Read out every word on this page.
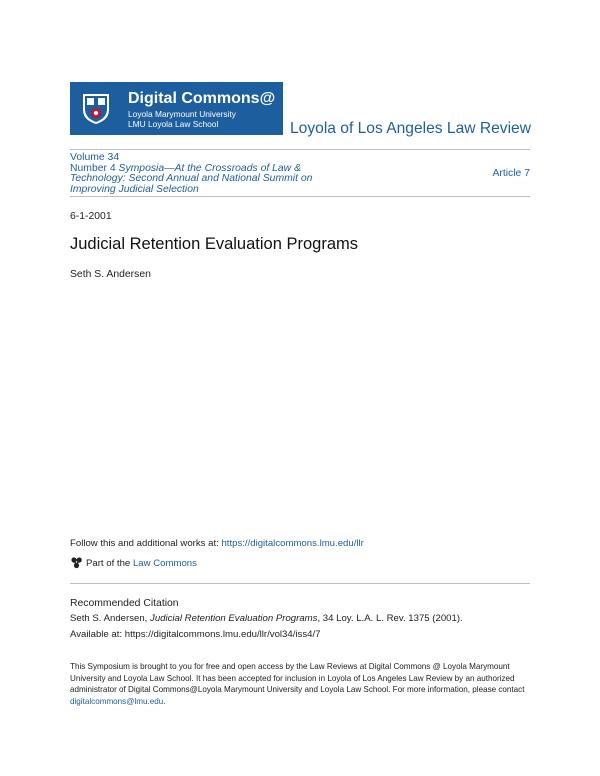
Digital Commons@
Loyola Marymount University
LMU Loyola Law School	Loyola of Los Angeles Law Review
Volume 34
Number 4 Symposia—At the Crossroads of Law & Technology: Second Annual and National Summit on Improving Judicial Selection
Article 7
6-1-2001
Judicial Retention Evaluation Programs
Seth S. Andersen
Follow this and additional works at: https://digitalcommons.lmu.edu/llr
Part of the Law Commons
Recommended Citation
Seth S. Andersen, Judicial Retention Evaluation Programs, 34 Loy. L.A. L. Rev. 1375 (2001).
Available at: https://digitalcommons.lmu.edu/llr/vol34/iss4/7
This Symposium is brought to you for free and open access by the Law Reviews at Digital Commons @ Loyola Marymount University and Loyola Law School. It has been accepted for inclusion in Loyola of Los Angeles Law Review by an authorized administrator of Digital Commons@Loyola Marymount University and Loyola Law School. For more information, please contact digitalcommons@lmu.edu.
